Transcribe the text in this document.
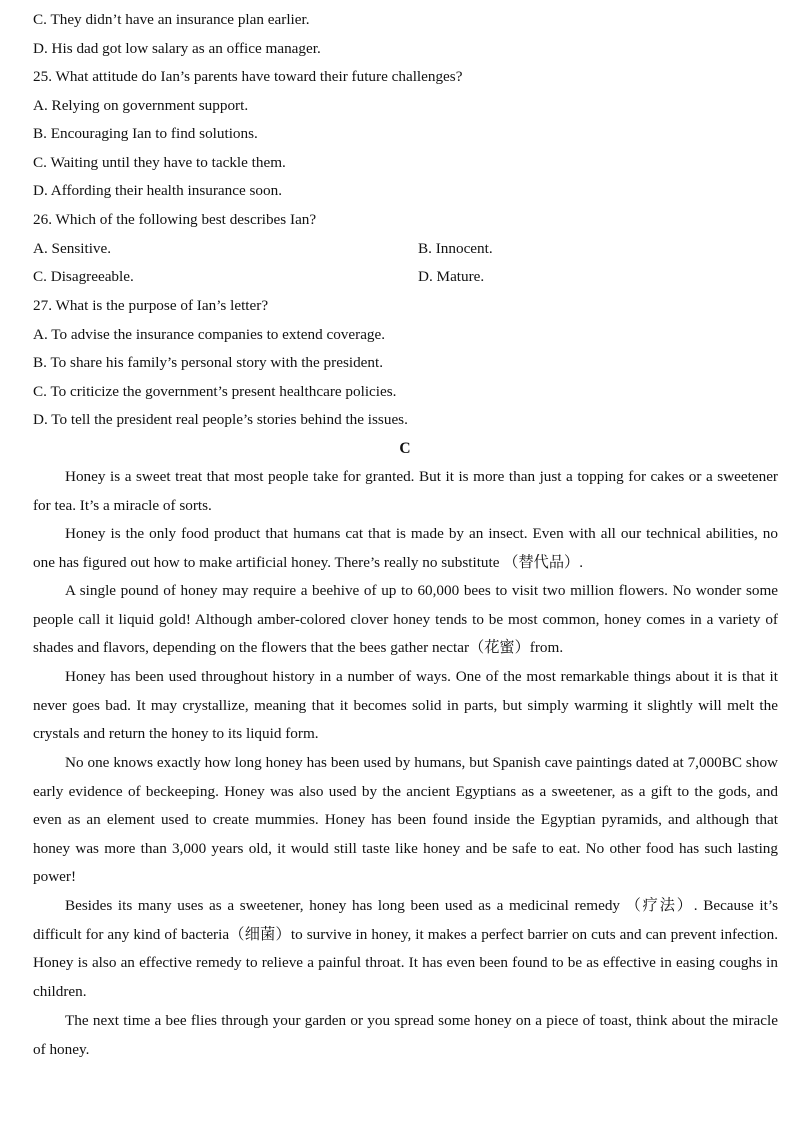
C. They didn’t have an insurance plan earlier.
D. His dad got low salary as an office manager.
25. What attitude do Ian’s parents have toward their future challenges?
A. Relying on government support.
B. Encouraging Ian to find solutions.
C. Waiting until they have to tackle them.
D. Affording their health insurance soon.
26. Which of the following best describes Ian?
A. Sensitive.	B. Innocent.
C. Disagreeable.	D. Mature.
27. What is the purpose of Ian’s letter?
A. To advise the insurance companies to extend coverage.
B. To share his family’s personal story with the president.
C. To criticize the government’s present healthcare policies.
D. To tell the president real people’s stories behind the issues.
C

Honey is a sweet treat that most people take for granted. But it is more than just a topping for cakes or a sweetener for tea. It’s a miracle of sorts.

Honey is the only food product that humans cat that is made by an insect. Even with all our technical abilities, no one has figured out how to make artificial honey. There’s really no substitute （替代品）.

A single pound of honey may require a beehive of up to 60,000 bees to visit two million flowers. No wonder some people call it liquid gold! Although amber-colored clover honey tends to be most common, honey comes in a variety of shades and flavors, depending on the flowers that the bees gather nectar（花蜜）from.

Honey has been used throughout history in a number of ways. One of the most remarkable things about it is that it never goes bad. It may crystallize, meaning that it becomes solid in parts, but simply warming it slightly will melt the crystals and return the honey to its liquid form.

No one knows exactly how long honey has been used by humans, but Spanish cave paintings dated at 7,000BC show early evidence of beckeeping. Honey was also used by the ancient Egyptians as a sweetener, as a gift to the gods, and even as an element used to create mummies. Honey has been found inside the Egyptian pyramids, and although that honey was more than 3,000 years old, it would still taste like honey and be safe to eat. No other food has such lasting power!

Besides its many uses as a sweetener, honey has long been used as a medicinal remedy （疗法）. Because it’s difficult for any kind of bacteria（细菌）to survive in honey, it makes a perfect barrier on cuts and can prevent infection. Honey is also an effective remedy to relieve a painful throat. It has even been found to be as effective in easing coughs in children.

The next time a bee flies through your garden or you spread some honey on a piece of toast, think about the miracle of honey.
